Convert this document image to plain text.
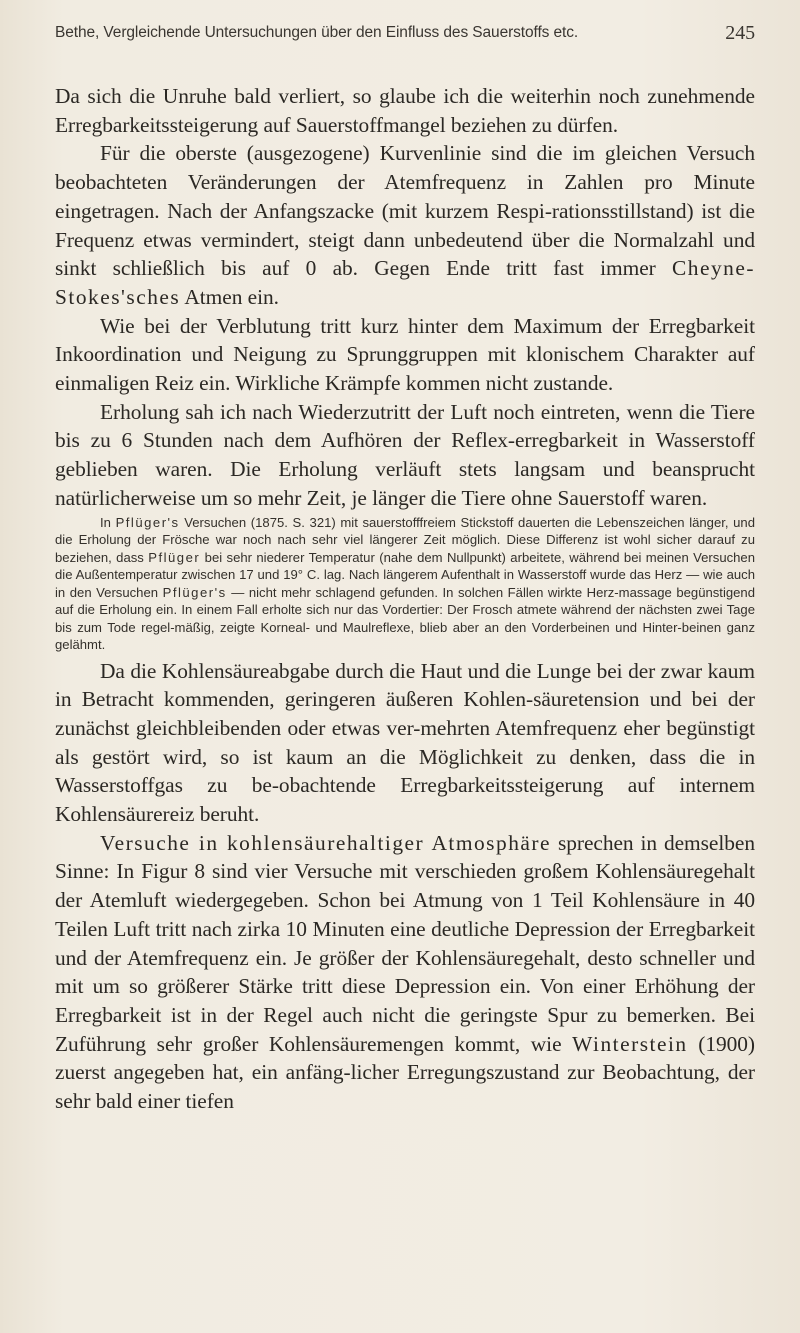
Bethe, Vergleichende Untersuchungen über den Einfluss des Sauerstoffs etc.	245

Da sich die Unruhe bald verliert, so glaube ich die weiterhin noch zunehmende Erregbarkeitssteigerung auf Sauerstoffmangel beziehen zu dürfen.

Für die oberste (ausgezogene) Kurvenlinie sind die im gleichen Versuch beobachteten Veränderungen der Atemfrequenz in Zahlen pro Minute eingetragen. Nach der Anfangszacke (mit kurzem Respi-rationsstillstand) ist die Frequenz etwas vermindert, steigt dann unbedeutend über die Normalzahl und sinkt schließlich bis auf 0 ab. Gegen Ende tritt fast immer Cheyne-Stokes'sches Atmen ein.

Wie bei der Verblutung tritt kurz hinter dem Maximum der Erregbarkeit Inkoordination und Neigung zu Sprunggruppen mit klonischem Charakter auf einmaligen Reiz ein. Wirkliche Krämpfe kommen nicht zustande.

Erholung sah ich nach Wiederzutritt der Luft noch eintreten, wenn die Tiere bis zu 6 Stunden nach dem Aufhören der Reflex-erregbarkeit in Wasserstoff geblieben waren. Die Erholung verläuft stets langsam und beansprucht natürlicherweise um so mehr Zeit, je länger die Tiere ohne Sauerstoff waren.

In Pflüger's Versuchen (1875. S. 321) mit sauerstofffreiem Stickstoff dauerten die Lebenszeichen länger, und die Erholung der Frösche war noch nach sehr viel längerer Zeit möglich. Diese Differenz ist wohl sicher darauf zu beziehen, dass Pflüger bei sehr niederer Temperatur (nahe dem Nullpunkt) arbeitete, während bei meinen Versuchen die Außentemperatur zwischen 17 und 19° C. lag. Nach längerem Aufenthalt in Wasserstoff wurde das Herz — wie auch in den Versuchen Pflüger's — nicht mehr schlagend gefunden. In solchen Fällen wirkte Herz-massage begünstigend auf die Erholung ein. In einem Fall erholte sich nur das Vordertier: Der Frosch atmete während der nächsten zwei Tage bis zum Tode regel-mäßig, zeigte Korneal- und Maulreflexe, blieb aber an den Vorderbeinen und Hinter-beinen ganz gelähmt.

Da die Kohlensäureabgabe durch die Haut und die Lunge bei der zwar kaum in Betracht kommenden, geringeren äußeren Kohlen-säuretension und bei der zunächst gleichbleibenden oder etwas ver-mehrten Atemfrequenz eher begünstigt als gestört wird, so ist kaum an die Möglichkeit zu denken, dass die in Wasserstoffgas zu be-obachtende Erregbarkeitssteigerung auf internem Kohlensäurereiz beruht.

Versuche in kohlensäurehaltiger Atmosphäre sprechen in demselben Sinne: In Figur 8 sind vier Versuche mit verschieden großem Kohlensäuregehalt der Atemluft wiedergegeben. Schon bei Atmung von 1 Teil Kohlensäure in 40 Teilen Luft tritt nach zirka 10 Minuten eine deutliche Depression der Erregbarkeit und der Atemfrequenz ein. Je größer der Kohlensäuregehalt, desto schneller und mit um so größerer Stärke tritt diese Depression ein. Von einer Erhöhung der Erregbarkeit ist in der Regel auch nicht die geringste Spur zu bemerken. Bei Zuführung sehr großer Kohlensäuremengen kommt, wie Winterstein (1900) zuerst angegeben hat, ein anfäng-licher Erregungszustand zur Beobachtung, der sehr bald einer tiefen
